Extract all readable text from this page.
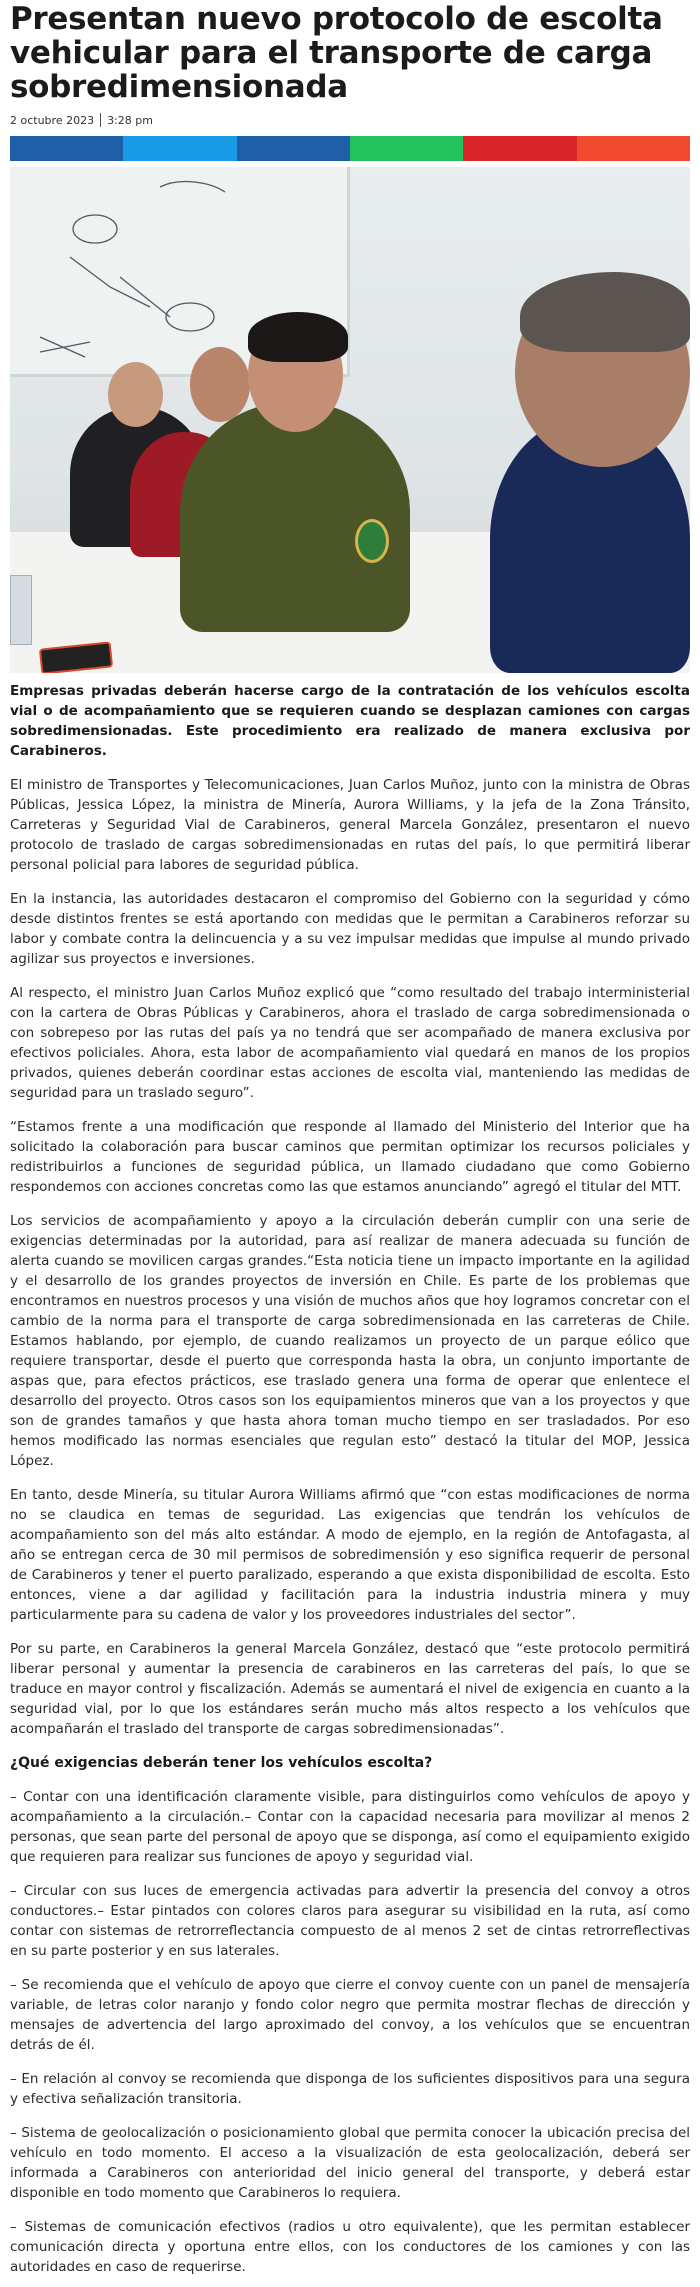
Presentan nuevo protocolo de escolta vehicular para el transporte de carga sobredimensionada
2 octubre 2023 3:28 pm

Empresas privadas deberán hacerse cargo de la contratación de los vehículos escolta vial o de acompañamiento que se requieren cuando se desplazan camiones con cargas sobredimensionadas. Este procedimiento era realizado de manera exclusiva por Carabineros.

El ministro de Transportes y Telecomunicaciones, Juan Carlos Muñoz, junto con la ministra de Obras Públicas, Jessica López, la ministra de Minería, Aurora Williams, y la jefa de la Zona Tránsito, Carreteras y Seguridad Vial de Carabineros, general Marcela González, presentaron el nuevo protocolo de traslado de cargas sobredimensionadas en rutas del país, lo que permitirá liberar personal policial para labores de seguridad pública.

En la instancia, las autoridades destacaron el compromiso del Gobierno con la seguridad y cómo desde distintos frentes se está aportando con medidas que le permitan a Carabineros reforzar su labor y combate contra la delincuencia y a su vez impulsar medidas que impulse al mundo privado agilizar sus proyectos e inversiones.

Al respecto, el ministro Juan Carlos Muñoz explicó que “como resultado del trabajo interministerial con la cartera de Obras Públicas y Carabineros, ahora el traslado de carga sobredimensionada o con sobrepeso por las rutas del país ya no tendrá que ser acompañado de manera exclusiva por efectivos policiales. Ahora, esta labor de acompañamiento vial quedará en manos de los propios privados, quienes deberán coordinar estas acciones de escolta vial, manteniendo las medidas de seguridad para un traslado seguro”.

“Estamos frente a una modificación que responde al llamado del Ministerio del Interior que ha solicitado la colaboración para buscar caminos que permitan optimizar los recursos policiales y redistribuirlos a funciones de seguridad pública, un llamado ciudadano que como Gobierno respondemos con acciones concretas como las que estamos anunciando” agregó el titular del MTT.

Los servicios de acompañamiento y apoyo a la circulación deberán cumplir con una serie de exigencias determinadas por la autoridad, para así realizar de manera adecuada su función de alerta cuando se movilicen cargas grandes.“Esta noticia tiene un impacto importante en la agilidad y el desarrollo de los grandes proyectos de inversión en Chile. Es parte de los problemas que encontramos en nuestros procesos y una visión de muchos años que hoy logramos concretar con el cambio de la norma para el transporte de carga sobredimensionada en las carreteras de Chile. Estamos hablando, por ejemplo, de cuando realizamos un proyecto de un parque eólico que requiere transportar, desde el puerto que corresponda hasta la obra, un conjunto importante de aspas que, para efectos prácticos, ese traslado genera una forma de operar que enlentece el desarrollo del proyecto. Otros casos son los equipamientos mineros que van a los proyectos y que son de grandes tamaños y que hasta ahora toman mucho tiempo en ser trasladados. Por eso hemos modificado las normas esenciales que regulan esto” destacó la titular del MOP, Jessica López.

En tanto, desde Minería, su titular Aurora Williams afirmó que “con estas modificaciones de norma no se claudica en temas de seguridad. Las exigencias que tendrán los vehículos de acompañamiento son del más alto estándar. A modo de ejemplo, en la región de Antofagasta, al año se entregan cerca de 30 mil permisos de sobredimensión y eso significa requerir de personal de Carabineros y tener el puerto paralizado, esperando a que exista disponibilidad de escolta. Esto entonces, viene a dar agilidad y facilitación para la industria industria minera y muy particularmente para su cadena de valor y los proveedores industriales del sector”.

Por su parte, en Carabineros la general Marcela González, destacó que “este protocolo permitirá liberar personal y aumentar la presencia de carabineros en las carreteras del país, lo que se traduce en mayor control y fiscalización. Además se aumentará el nivel de exigencia en cuanto a la seguridad vial, por lo que los estándares serán mucho más altos respecto a los vehículos que acompañarán el traslado del transporte de cargas sobredimensionadas”.

¿Qué exigencias deberán tener los vehículos escolta?

– Contar con una identificación claramente visible, para distinguirlos como vehículos de apoyo y acompañamiento a la circulación.– Contar con la capacidad necesaria para movilizar al menos 2 personas, que sean parte del personal de apoyo que se disponga, así como el equipamiento exigido que requieren para realizar sus funciones de apoyo y seguridad vial.

– Circular con sus luces de emergencia activadas para advertir la presencia del convoy a otros conductores.– Estar pintados con colores claros para asegurar su visibilidad en la ruta, así como contar con sistemas de retrorreflectancia compuesto de al menos 2 set de cintas retrorreflectivas en su parte posterior y en sus laterales.

– Se recomienda que el vehículo de apoyo que cierre el convoy cuente con un panel de mensajería variable, de letras color naranjo y fondo color negro que permita mostrar flechas de dirección y mensajes de advertencia del largo aproximado del convoy, a los vehículos que se encuentran detrás de él.

– En relación al convoy se recomienda que disponga de los suficientes dispositivos para una segura y efectiva señalización transitoria.

– Sistema de geolocalización o posicionamiento global que permita conocer la ubicación precisa del vehículo en todo momento. El acceso a la visualización de esta geolocalización, deberá ser informada a Carabineros con anterioridad del inicio general del transporte, y deberá estar disponible en todo momento que Carabineros lo requiera.

– Sistemas de comunicación efectivos (radios u otro equivalente), que les permitan establecer comunicación directa y oportuna entre ellos, con los conductores de los camiones y con las autoridades en caso de requerirse.
